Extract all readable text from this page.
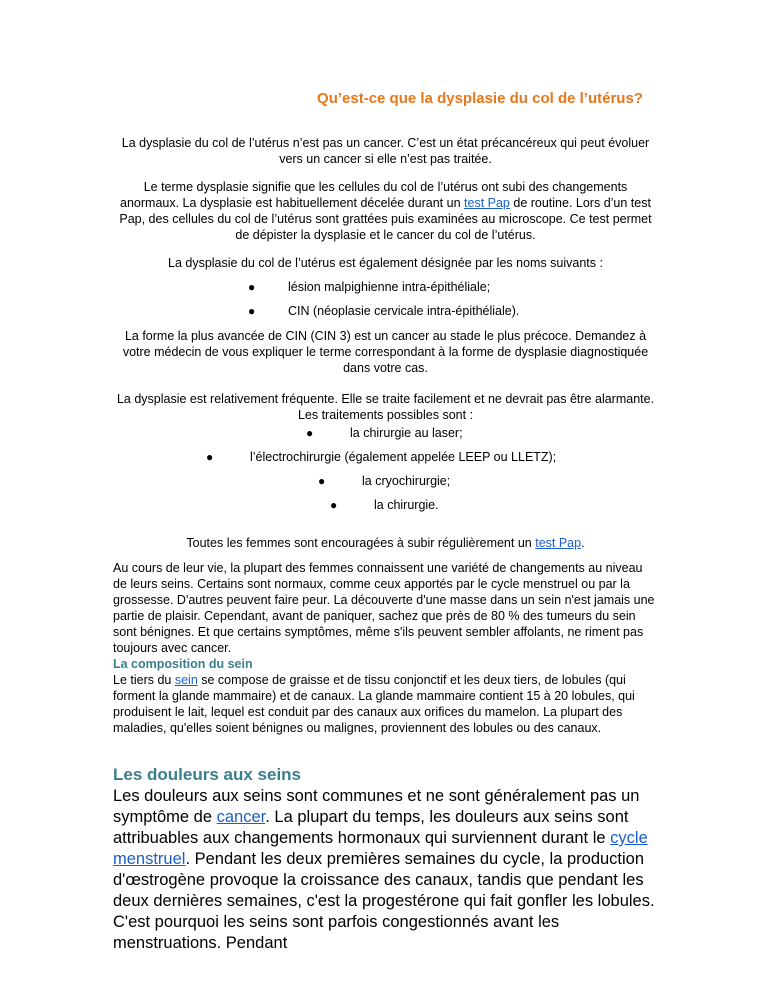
Qu’est-ce que la dysplasie du col de l’utérus?
La dysplasie du col de l’utérus n’est pas un cancer. C’est un état précancéreux qui peut évoluer vers un cancer si elle n’est pas traitée.
Le terme dysplasie signifie que les cellules du col de l’utérus ont subi des changements anormaux. La dysplasie est habituellement décelée durant un test Pap de routine. Lors d’un test Pap, des cellules du col de l’utérus sont grattées puis examinées au microscope. Ce test permet de dépister la dysplasie et le cancer du col de l’utérus.
La dysplasie du col de l’utérus est également désignée par les noms suivants :
●	lésion malpighienne intra-épithéliale;
●	CIN (néoplasie cervicale intra-épithéliale).
La forme la plus avancée de CIN (CIN 3) est un cancer au stade le plus précoce. Demandez à votre médecin de vous expliquer le terme correspondant à la forme de dysplasie diagnostiquée dans votre cas.
La dysplasie est relativement fréquente. Elle se traite facilement et ne devrait pas être alarmante. Les traitements possibles sont :
●	la chirurgie au laser;
●	l’électrochirurgie (également appelée LEEP ou LLETZ);
●	la cryochirurgie;
●	la chirurgie.
Toutes les femmes sont encouragées à subir régulièrement un test Pap.
Au cours de leur vie, la plupart des femmes connaissent une variété de changements au niveau de leurs seins. Certains sont normaux, comme ceux apportés par le cycle menstruel ou par la grossesse. D'autres peuvent faire peur. La découverte d'une masse dans un sein n'est jamais une partie de plaisir. Cependant, avant de paniquer, sachez que près de 80 % des tumeurs du sein sont bénignes. Et que certains symptômes, même s'ils peuvent sembler affolants, ne riment pas toujours avec cancer.
La composition du sein
Le tiers du sein se compose de graisse et de tissu conjonctif et les deux tiers, de lobules (qui forment la glande mammaire) et de canaux. La glande mammaire contient 15 à 20 lobules, qui produisent le lait, lequel est conduit par des canaux aux orifices du mamelon. La plupart des maladies, qu'elles soient bénignes ou malignes, proviennent des lobules ou des canaux.
Les douleurs aux seins
Les douleurs aux seins sont communes et ne sont généralement pas un symptôme de cancer. La plupart du temps, les douleurs aux seins sont attribuables aux changements hormonaux qui surviennent durant le cycle menstruel. Pendant les deux premières semaines du cycle, la production d'œstrogène provoque la croissance des canaux, tandis que pendant les deux dernières semaines, c'est la progestérone qui fait gonfler les lobules. C'est pourquoi les seins sont parfois congestionnés avant les menstruations. Pendant
